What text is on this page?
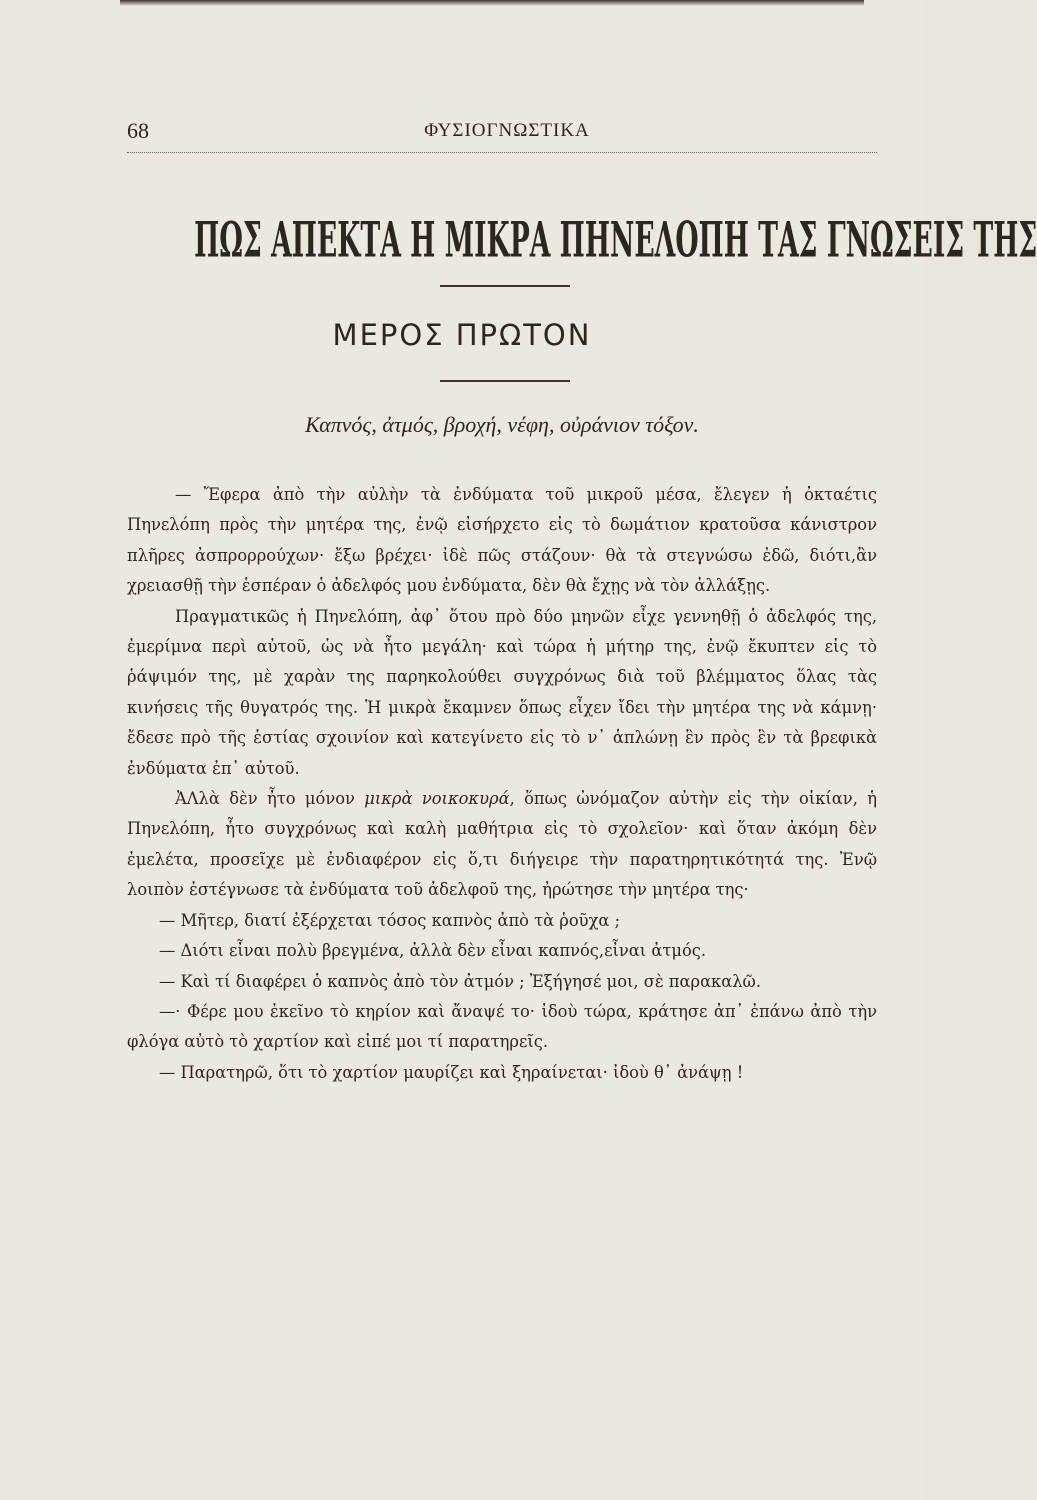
68	ΦΥΣΙΟΓΝΩΣΤΙΚΑ
ΠΩΣ ΑΠΕΚΤΑ Η ΜΙΚΡΑ ΠΗΝΕΛΟΠΗ ΤΑΣ ΓΝΩΣΕΙΣ ΤΗΣ
ΜΕΡΟΣ ΠΡΩΤΟΝ
Καπνός, ἀτμός, βροχή, νέφη, οὐράνιον τόξον.

— Ἔφερα ἀπὸ τὴν αὐλὴν τὰ ἐνδύματα τοῦ μικροῦ μέσα, ἔλεγεν ἡ ὀκταέτις Πηνελόπη πρὸς τὴν μητέρα της, ἐνῷ εἰσήρχετο εἰς τὸ δωμάτιον κρατοῦσα κάνιστρον πλῆρες ἀσπρορρούχων· ἔξω βρέχει· ἰδὲ πῶς στάζουν· θὰ τὰ στεγνώσω ἐδῶ, διότι,ἂν χρειασθῇ τὴν ἑσπέραν ὁ ἀδελφός μου ἐνδύματα, δὲν θὰ ἔχῃς νὰ τὸν ἀλλάξῃς.

Πραγματικῶς ἡ Πηνελόπη, ἀφ᾿ ὅτου πρὸ δύο μηνῶν εἶχε γεννηθῇ ὁ ἀδελφός της, ἐμερίμνα περὶ αὐτοῦ, ὡς νὰ ἦτο μεγάλη· καὶ τώρα ἡ μήτηρ της, ἐνῷ ἔκυπτεν εἰς τὸ ῥάψιμόν της, μὲ χαρὰν της παρηκολούθει συγχρόνως διὰ τοῦ βλέμματος ὅλας τὰς κινήσεις τῆς θυγατρός της. Ἡ μικρὰ ἔκαμνεν ὅπως εἶχεν ἴδει τὴν μητέρα της νὰ κάμνῃ· ἔδεσε πρὸ τῆς ἑστίας σχοινίον καὶ κατεγίνετο εἰς τὸ ν᾿ ἁπλώνῃ ἓν πρὸς ἓν τὰ βρεφικὰ ἐνδύματα ἐπ᾿ αὐτοῦ.

ἈΛλὰ δὲν ἦτο μόνον μικρὰ νοικοκυρά, ὅπως ὠνόμαζον αὐτὴν εἰς τὴν οἰκίαν, ἡ Πηνελόπη, ἦτο συγχρόνως καὶ καλὴ μαθήτρια εἰς τὸ σχολεῖον· καὶ ὅταν ἀκόμη δὲν ἐμελέτα, προσεῖχε μὲ ἐνδιαφέρον εἰς ὅ,τι διήγειρε τὴν παρατηρητικότητά της. Ἐνῷ λοιπὸν ἐστέγνωσε τὰ ἐνδύματα τοῦ ἀδελφοῦ της, ἠρώτησε τὴν μητέρα της·

— Μῆτερ, διατί ἐξέρχεται τόσος καπνὸς ἀπὸ τὰ ῥοῦχα ;

— Διότι εἶναι πολὺ βρεγμένα, ἀλλὰ δὲν εἶναι καπνός,εἶναι ἀτμός.

— Καὶ τί διαφέρει ὁ καπνὸς ἀπὸ τὸν ἀτμόν ; Ἐξήγησέ μοι, σὲ παρακαλῶ.

—· Φέρε μου ἐκεῖνο τὸ κηρίον καὶ ἄναψέ το· ἰδοὺ τώρα, κράτησε ἀπ᾿ ἐπάνω ἀπὸ τὴν φλόγα αὐτὸ τὸ χαρτίον καὶ εἰπέ μοι τί παρατηρεῖς.

— Παρατηρῶ, ὅτι τὸ χαρτίον μαυρίζει καὶ ξηραίνεται· ἰδοὺ θ᾿ ἀνάψῃ !
